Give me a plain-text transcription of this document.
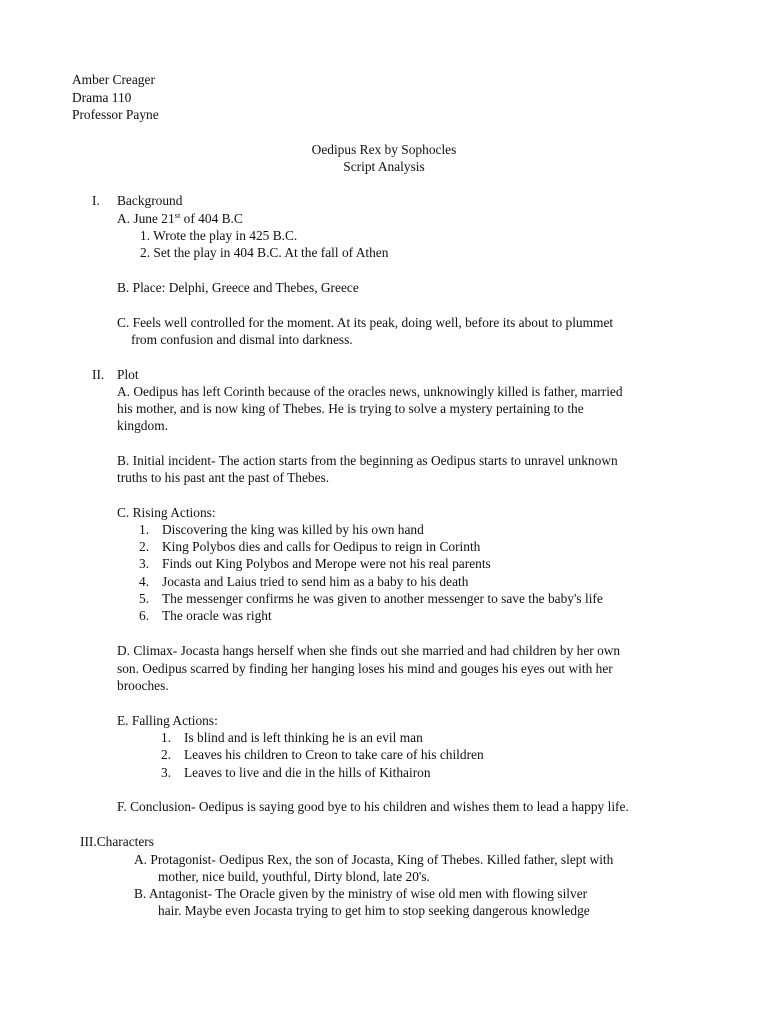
Amber Creager
Drama 110
Professor Payne
Oedipus Rex by Sophocles
Script Analysis
I. Background
A. June 21st of 404 B.C
1. Wrote the play in 425 B.C.
2. Set the play in 404 B.C. At the fall of Athen
B. Place: Delphi, Greece and Thebes, Greece
C. Feels well controlled for the moment. At its peak, doing well, before its about to plummet
from confusion and dismal into darkness.
II. Plot
A. Oedipus has left Corinth because of the oracles news, unknowingly killed is father, married
his mother, and is now king of Thebes. He is trying to solve a mystery pertaining to the
kingdom.
B. Initial incident- The action starts from the beginning as Oedipus starts to unravel unknown
truths to his past ant the past of Thebes.
C. Rising Actions:
1. Discovering the king was killed by his own hand
2. King Polybos dies and calls for Oedipus to reign in Corinth
3. Finds out King Polybos and Merope were not his real parents
4. Jocasta and Laius tried to send him as a baby to his death
5. The messenger confirms he was given to another messenger to save the baby's life
6. The oracle was right
D. Climax- Jocasta hangs herself when she finds out she married and had children by her own
son. Oedipus scarred by finding her hanging loses his mind and gouges his eyes out with her
brooches.
E. Falling Actions:
1. Is blind and is left thinking he is an evil man
2. Leaves his children to Creon to take care of his children
3. Leaves to live and die in the hills of Kithairon
F. Conclusion- Oedipus is saying good bye to his children and wishes them to lead a happy life.
III.Characters
A. Protagonist- Oedipus Rex, the son of Jocasta, King of Thebes. Killed father, slept with
mother, nice build, youthful, Dirty blond, late 20's.
B. Antagonist- The Oracle given by the ministry of wise old men with flowing silver
hair. Maybe even Jocasta trying to get him to stop seeking dangerous knowledge
